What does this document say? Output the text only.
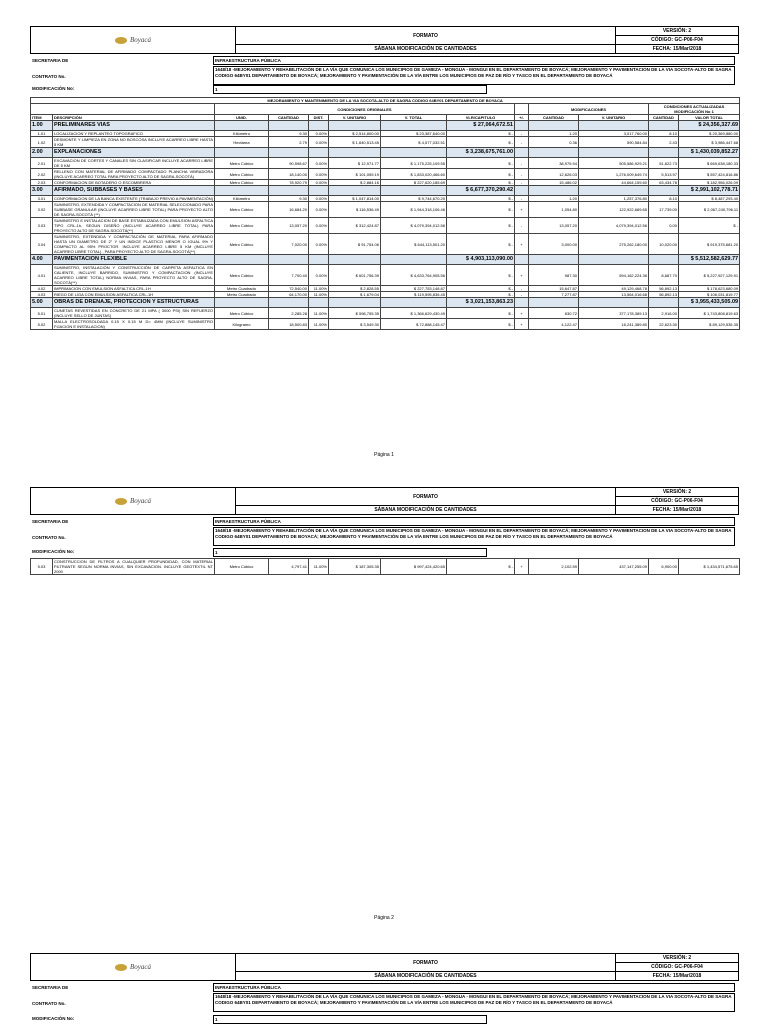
Boyacá	FORMATO	VERSIÓN: 2
		CÓDIGO: GC-P06-F04
	SÁBANA MODIFICACIÓN DE CANTIDADES	FECHA: 15/Mar/2018
SECRETARIA DE	INFRAESTRUCTURA PÚBLICA
CONTRATO No.
1648/18 -MEJORAMIENTO Y REHABILITACIÓN DE LA VÍA QUE COMUNICA LOS MUNICIPIOS DE GAMEZA - MONGUA - MONGUI EN EL DEPARTAMENTO DE BOYACÁ; MEJORAMIENTO Y PAVIMENTACION DE LA VIA SOCOTA-ALTO DE SAGRA CODIGO 64BY01 DEPARTAMENTO DE BOYACÁ; MEJORAMIENTO Y PAVIMENTACIÓN DE LA VÍA ENTRE LOS MUNICIPIOS DE PAZ DE RÍO Y TASCO EN EL DEPARTAMENTO DE BOYACÁ
MODIFICACIÓN No:	1
MEJORAMIENTO Y MANTENIMIENTO DE LA VIA SOCOTA-ALTO DE SAGRA CODIGO 64BY01 DEPARTAMENTO DE BOYACA												
		CONDICIONES ORIGINALES							MODIFICACIONES		CONDICIONES ACTUALIZADAS MODIFICACIÓN No 1	
ITEM	DESCRIPCIÓN	UNID.	CANTIDAD	DIST.	V. UNITARIO	V. TOTAL	VLR/CAPITULO	+/-	CANTIDAD	V. UNITARIO	CANTIDAD	VALOR TOTAL
1.00	PRELIMINARES VIAS						$ 27,064,672.51					$ 24,356,327.69
1.01	LOCALIZACION Y REPLANTEO TOPOGRAFICO	Kilómetro	9.30	0.00%	$ 2,514,800.00	$ 23,387,640.00	$ -	-	1.20	3,017,760.00	8.10	$ 20,369,880.00
1.02	DESMONTE Y LIMPIEZA EN ZONA NO BOSCOSA INCLUYE ACARREO LIBRE HASTA 5 KM	Hectárea	2.79	0.00%	$ 1,640,513.45	$ 4,577,032.51	$ -	-	0.36	590,584.84	2.43	$ 3,986,447.68
2.00	EXPLANACIONES						$ 3,238,675,761.00					$ 1,430,039,852.27
2.01	EXCAVACION DE CORTES Y CANALES SIN CLASIFICAR INCLUYE ACARREO LIBRE DE 5 KM	Metro Cúbico	90,598.67	0.00%	$ 12,971.77	$ 1,175,225,109.55	$ -	-	38,975.94	505,586,929.21	51,622.73	$ 669,638,180.33
2.02	RELLENO CON MATERIAL DE AFIRMADO COMPACTADO PLANCHA VIBRADORA (INCLUYE ACARREO TOTAL PARA PROYECTO ALTO DE SAGRA-SOCOTÁ)	Metro Cúbico	18,140.00	0.00%	$ 101,059.19	$ 1,833,020,466.60	$ -	-	12,626.03	1,276,009,649.74	5,513.97	$ 557,424,816.86
2.03	CONFORMACION DE BOTADERO O ESCOMBRERA	Metro Cúbico	78,920.79	0.00%	$ 2,884.16	$ 227,620,185.69	$ -	-	15,486.02	44,664,159.60	63,434.78	$ 182,956,026.09
3.00	AFIRMADO, SUBBASES Y BASES						$ 6,677,370,290.42					$ 2,991,102,778.71
3.01	CONFORMACION DE LA BANCA EXISTENTE (TRABAJO PREVIO A PAVIMENTACIÓN)	Kilómetro	9.30	0.00%	$ 1,047,814.00	$ 9,744,670.20	$ -	-	1.20	1,257,376.80	8.10	$ 8,487,293.40
3.02	SUMINISTRO, EXTENDIDA Y COMPACTACION DE MATERIAL SELECCIONADO PARA SUBBASE GRANULAR (INCLUYE ACARREO LIBRE TOTAL) PARA PROYECTO ALTO DE SAGRA-SOCOTÁ (**)	Metro Cúbico	16,684.20	0.00%	$ 116,536.49	$ 1,944,318,106.46	$ -	+	1,054.80	122,922,689.65	17,739.00	$ 2,067,240,796.11
3.03	SUMINISTRO E INSTALACION DE BASE ESTABILIZADA CON EMULSION ASFALTICA TIPO CRL-1h, SEGUN DISEÑO (INCLUYE ACARREO LIBRE TOTAL) PARA PROYECTO ALTO DE SAGRA-SOCOTÁ(**)	Metro Cúbico	13,057.20	0.00%	$ 312,424.87	$ 4,079,394,012.56	$ -	-	13,057.20	4,079,394,012.56	0.00	$ -
3.04	SUMINISTRO, EXTENDIDA Y COMPACTACIÓN DE MATERIAL PARA AFIRMADO HASTA UN DIAMETRO DE 2" Y UN INDICE PLASTICO MENOR O IGUAL 9% Y COMPACTO AL 95% PROCTOR. INCLUYE ACARREO LIBRE 5 KM (INCLUYE ACARREO LIBRE TOTAL) , PARA PROYECTO ALTO DE SAGRA-SOCOTÁ(**)	Metro Cúbico	7,020.00	0.00%	$ 91,754.06	$ 644,113,501.20	$ -	+	3,000.00	275,262,180.00	10,020.00	$ 919,375,681.20
4.00	PAVIMENTACION FLEXIBLE						$ 4,903,113,090.00					$ 5,512,582,629.77
4.01	SUMINISTRO, INSTALACIÓN Y CONSTRUCCIÓN DE CARPETA ASFALTICA EN CALIENTE, INCLUYE BARRIDO, SUMINISTRO Y COMPACTACION (INCLUYE ACARREO LIBRE TOTAL) NORMA INVIAS, PARA PROYECTO ALTO DE SAGRA-SOCOTÁ(**)	Metro Cúbico	7,700.40	0.00%	$ 601,756.39	$ 4,633,764,905.56	$ -	+	987.30	594,162,224.36	8,687.70	$ 5,227,927,129.91
4.02	IMPRIMACION CON EMULSION ASFALTICA CRL-1H	Metro Cuadrado	72,540.00	11.00%	$ 2,828.55	$ 227,753,148.87	$ -	-	15,647.87	49,129,468.78	56,892.13	$ 178,623,680.09
4.03	RIEGO DE LIGA CON EMULSION ASFALTICA CRL-1H	Metro Cuadrado	64,170.00	11.00%	$ 1,679.04	$ 119,595,836.45	$ -	-	7,277.87	13,564,016.68	56,892.13	$ 106,031,819.77
5.00	OBRAS DE DRENAJE, PROTECCION Y ESTRUCTURAS						$ 3,021,153,863.23					$ 3,955,433,505.09
5.01	CUNETAS REVESTIDAS EN CONCRETO DE 21 MPA ( 3000 PSI) SIN REFUERZO (INCLUYE SELLO DE JUNTAS)	Metro Cúbico	2,285.28	11.00%	$ 598,755.35	$ 1,366,629,430.49	$ -	+	630.72	377,178,389.13	2,916.00	$ 1,743,808,819.63
5.02	MALLA ELECTROSOLDADA 0.15 X 0.15 M D= 4MM (INCLUYE SUMINISTRO FIJACION E INSTALACION)	Kilogramo	18,500.83	11.00%	$ 3,549.30	$ 72,888,145.47	$ -	+	4,122.47	16,241,389.80	22,623.30	$ 89,129,535.35
Página 1
Boyacá	FORMATO	VERSIÓN: 2
		CÓDIGO: GC-P06-F04
	SÁBANA MODIFICACIÓN DE CANTIDADES	FECHA: 15/Mar/2018
SECRETARIA DE	INFRAESTRUCTURA PÚBLICA
CONTRATO No.
1648/18 -MEJORAMIENTO Y REHABILITACIÓN DE LA VÍA QUE COMUNICA LOS MUNICIPIOS DE GAMEZA - MONGUA - MONGUI EN EL DEPARTAMENTO DE BOYACÁ; MEJORAMIENTO Y PAVIMENTACION DE LA VIA SOCOTA-ALTO DE SAGRA CODIGO 64BY01 DEPARTAMENTO DE BOYACÁ; MEJORAMIENTO Y PAVIMENTACIÓN DE LA VÍA ENTRE LOS MUNICIPIOS DE PAZ DE RÍO Y TASCO EN EL DEPARTAMENTO DE BOYACÁ
MODIFICACIÓN No:	1
5.03	CONSTRUCCION DE FILTROS A CUALQUIER PROFUNDIDAD, CON MATERIAL FILTRANTE SEGUN NORMA INVIAS, SIN EXCAVACION. INCLUYE GEOTEXTIL NT 2000	Metro Cúbico	4,797.41	11.00%	$ 187,305.35	$ 997,424,420.65	$ -	+	2,102.59	437,147,255.09	6,900.00	$ 1,434,571,675.65
Página 2
Boyacá	FORMATO	VERSIÓN: 2
		CÓDIGO: GC-P06-F04
	SÁBANA MODIFICACIÓN DE CANTIDADES	FECHA: 15/Mar/2018
SECRETARIA DE	INFRAESTRUCTURA PÚBLICA
CONTRATO No.
1648/18 -MEJORAMIENTO Y REHABILITACIÓN DE LA VÍA QUE COMUNICA LOS MUNICIPIOS DE GAMEZA - MONGUA - MONGUI EN EL DEPARTAMENTO DE BOYACÁ; MEJORAMIENTO Y PAVIMENTACION DE LA VIA SOCOTA-ALTO DE SAGRA CODIGO 64BY01 DEPARTAMENTO DE BOYACÁ; MEJORAMIENTO Y PAVIMENTACIÓN DE LA VÍA ENTRE LOS MUNICIPIOS DE PAZ DE RÍO Y TASCO EN EL DEPARTAMENTO DE BOYACÁ
MODIFICACIÓN No:	1
